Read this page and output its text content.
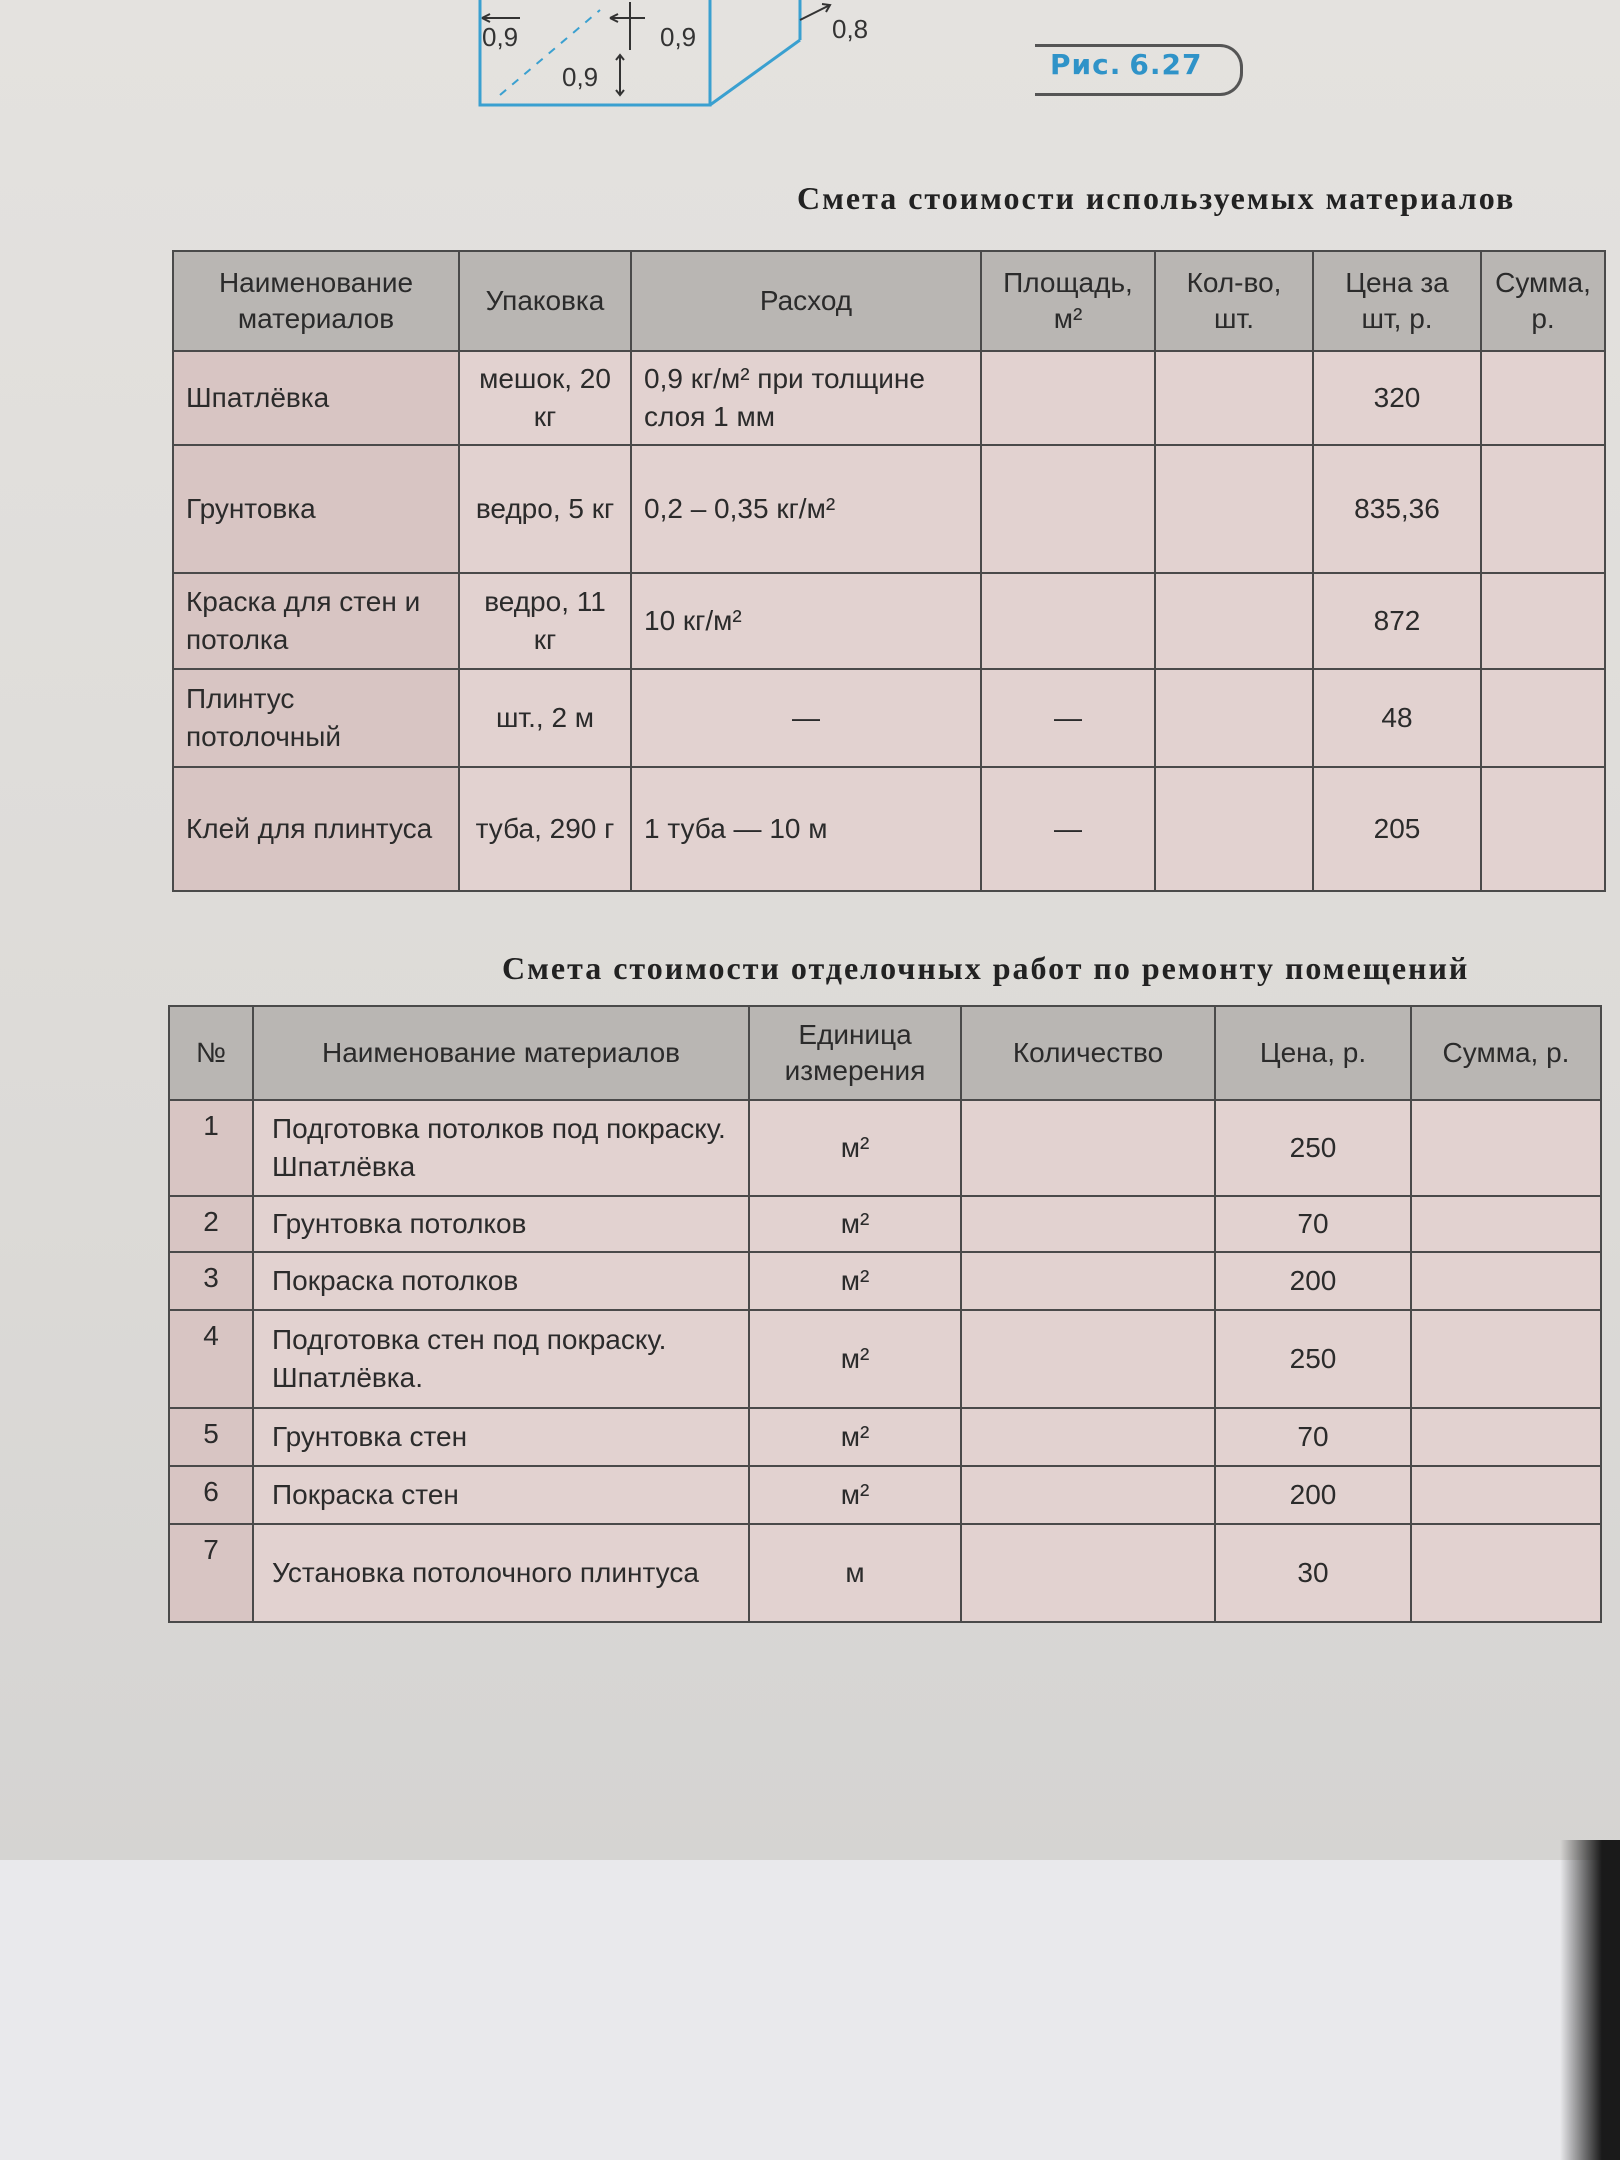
0,9	0,9
0,9
0,8
Рис. 6.27
Смета стоимости используемых материалов
Наименование материалов	Упаковка	Расход	Площадь, м²	Кол-во, шт.	Цена за шт, р.	Сумма, р.
Шпатлёвка	мешок, 20 кг	0,9 кг/м² при толщине слоя 1 мм			320	
Грунтовка	ведро, 5 кг	0,2 – 0,35 кг/м²			835,36	
Краска для стен и потолка	ведро, 11 кг	10 кг/м²			872	
Плинтус потолочный	шт., 2 м	—	—		48	
Клей для плинтуса	туба, 290 г	1 туба — 10 м	—		205	
Смета стоимости отделочных работ по ремонту помещений
№	Наименование материалов	Единица измерения	Количество	Цена, р.	Сумма, р.
1	Подготовка потолков под покраску. Шпатлёвка	м²		250	
2	Грунтовка потолков	м²		70	
3	Покраска потолков	м²		200	
4	Подготовка стен под покраску. Шпатлёвка.	м²		250	
5	Грунтовка стен	м²		70	
6	Покраска стен	м²		200	
7	Установка потолочного плинтуса	м		30	
